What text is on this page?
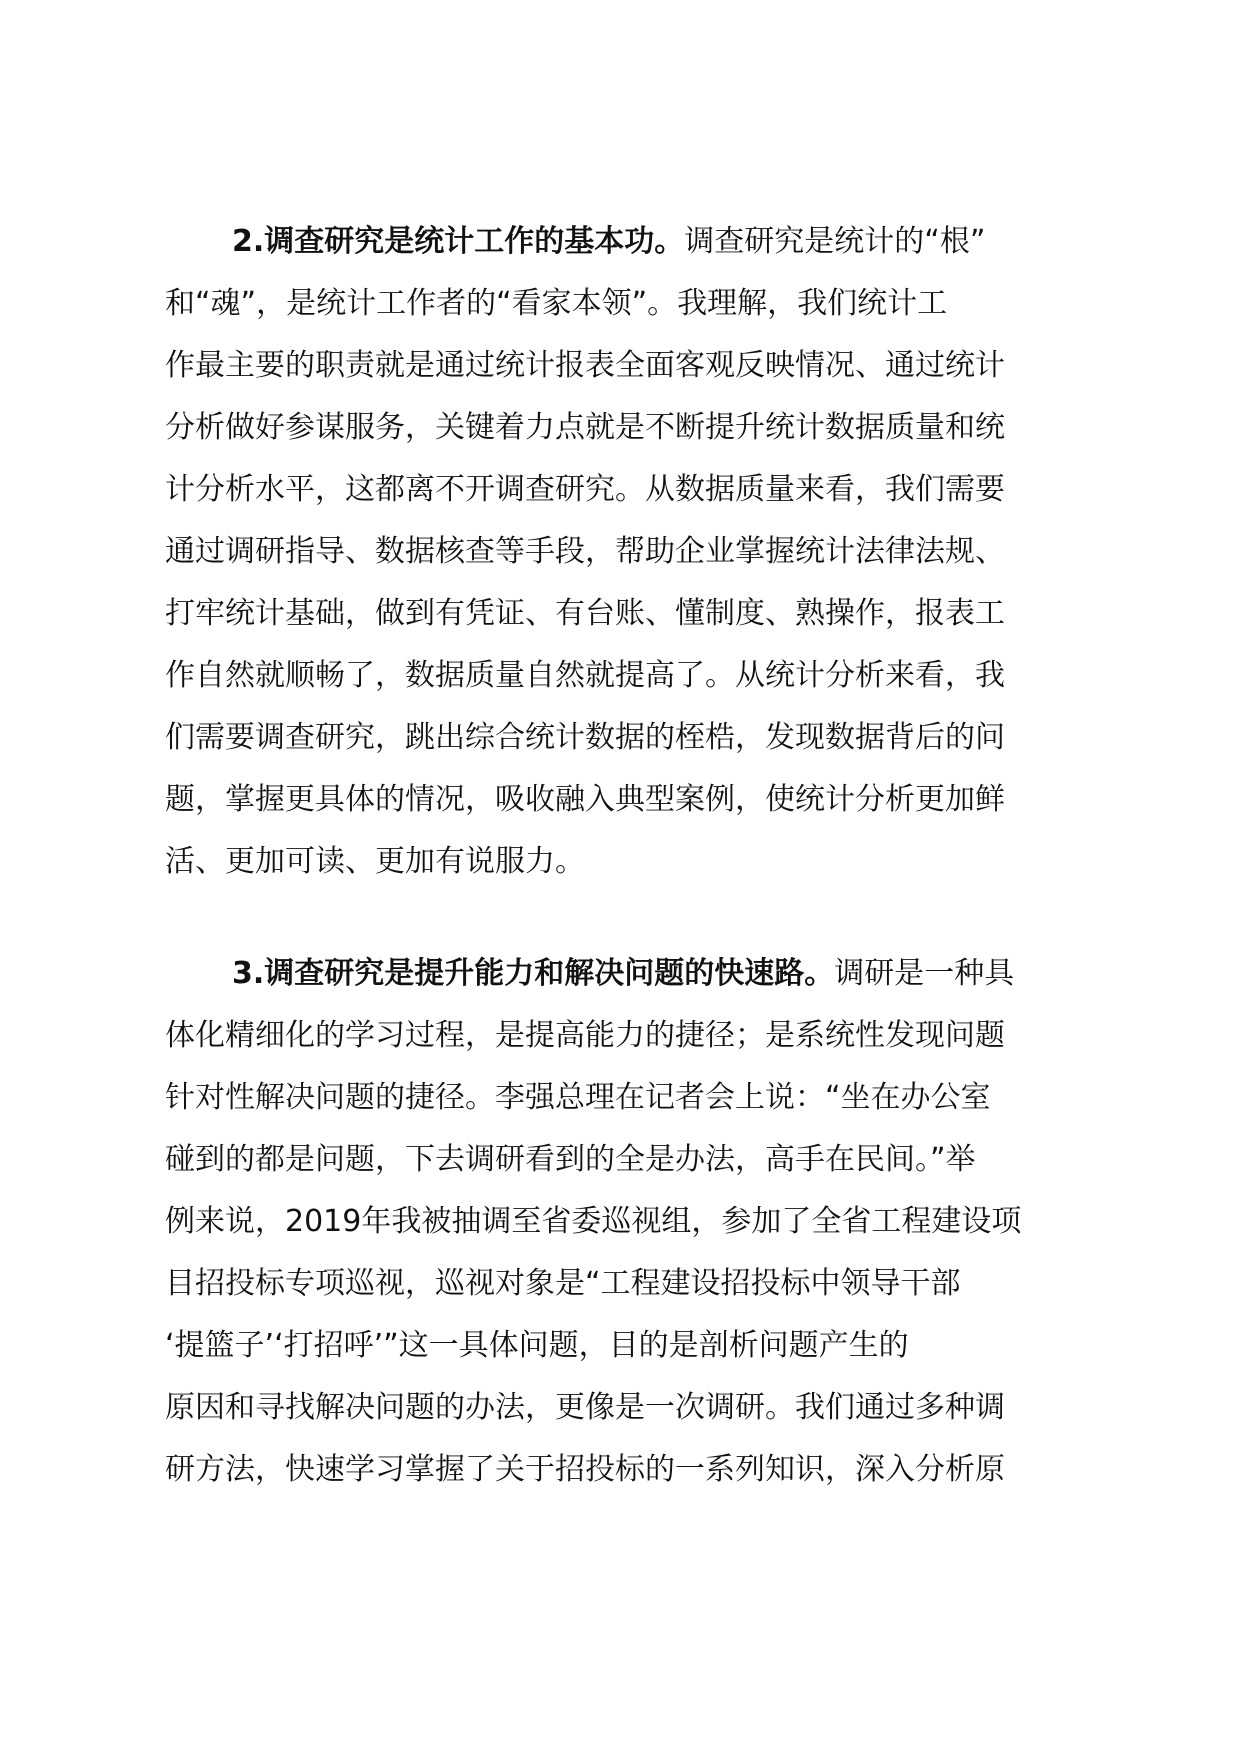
2.调查研究是统计工作的基本功。调查研究是统计的“根”
和“魂”，是统计工作者的“看家本领”。我理解，我们统计工
作最主要的职责就是通过统计报表全面客观反映情况、通过统计
分析做好参谋服务，关键着力点就是不断提升统计数据质量和统
计分析水平，这都离不开调查研究。从数据质量来看，我们需要
通过调研指导、数据核查等手段，帮助企业掌握统计法律法规、
打牢统计基础，做到有凭证、有台账、懂制度、熟操作，报表工
作自然就顺畅了，数据质量自然就提高了。从统计分析来看，我
们需要调查研究，跳出综合统计数据的桎梏，发现数据背后的问
题，掌握更具体的情况，吸收融入典型案例，使统计分析更加鲜
活、更加可读、更加有说服力。
3.调查研究是提升能力和解决问题的快速路。调研是一种具
体化精细化的学习过程，是提高能力的捷径；是系统性发现问题
针对性解决问题的捷径。李强总理在记者会上说：“坐在办公室
碰到的都是问题，下去调研看到的全是办法，高手在民间。”举
例来说，2019年我被抽调至省委巡视组，参加了全省工程建设项
目招投标专项巡视，巡视对象是“工程建设招投标中领导干部
‘提篮子’‘打招呼’”这一具体问题，目的是剖析问题产生的
原因和寻找解决问题的办法，更像是一次调研。我们通过多种调
研方法，快速学习掌握了关于招投标的一系列知识，深入分析原
